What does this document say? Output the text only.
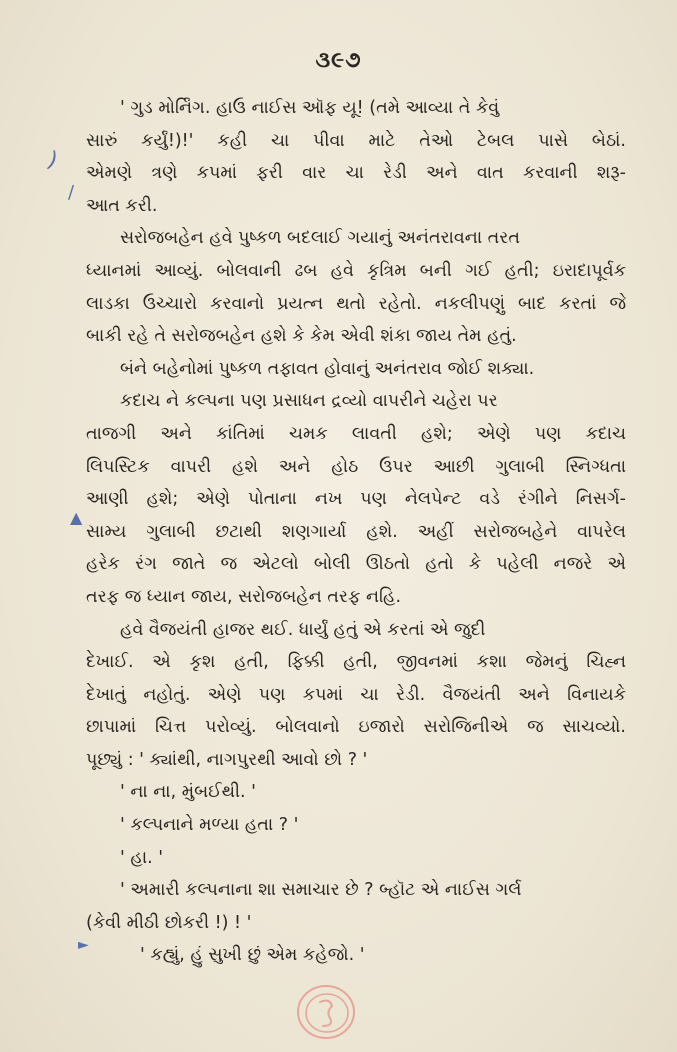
૩૯૭
' ગુડ મોર્નિંગ. હાઉ નાઈસ ઑફ યૂ! (તમે આવ્યા તે કેવું
સારું કર્યું!)!' કહી ચા પીવા માટે તેઓ ટેબલ પાસે બેઠાં.
એમણે ત્રણે કપમાં ફરી વાર ચા રેડી અને વાત કરવાની શરૂ-
આત કરી.
સરોજબહેન હવે પુષ્કળ બદલાઈ ગયાનું અનંતરાવના તરત
ધ્યાનમાં આવ્યું. બોલવાની ઢબ હવે કૃત્રિમ બની ગઈ હતી; ઇરાદાપૂર્વક
લાડકા ઉચ્ચારો કરવાનો પ્રયત્ન થતો રહેતો. નકલીપણું બાદ કરતાં જે
બાકી રહે તે સરોજબહેન હશે કે કેમ એવી શંકા જાય તેમ હતું.
બંને બહેનોમાં પુષ્કળ તફાવત હોવાનું અનંતરાવ જોઈ શક્યા.
કદાચ ને કલ્પના પણ પ્રસાધન દ્રવ્યો વાપરીને ચહેરા પર
તાજગી અને કાંતિમાં ચમક લાવતી હશે; એણે પણ કદાચ
લિપસ્ટિક વાપરી હશે અને હોઠ ઉપર આછી ગુલાબી સ્નિગ્ધતા
આણી હશે; એણે પોતાના નખ પણ નેલપેન્ટ વડે રંગીને નિસર્ગ-
સામ્ય ગુલાબી છટાથી શણગાર્યા હશે. અહીં સરોજબહેને વાપરેલ
હરેક રંગ જાતે જ એટલો બોલી ઊઠતો હતો કે પહેલી નજરે એ
તરફ જ ધ્યાન જાય, સરોજબહેન તરફ નહિ.
હવે વૈજયંતી હાજર થઈ. ધાર્યું હતું એ કરતાં એ જુદી
દેખાઈ. એ કૃશ હતી, ફિક્કી હતી, જીવનમાં કશા જેમનું ચિહ્ન
દેખાતું નહોતું. એણે પણ કપમાં ચા રેડી. વૈજયંતી અને વિનાયકે
છાપામાં ચિત્ત પરોવ્યું. બોલવાનો ઇજારો સરોજિનીએ જ સાચવ્યો.
પૂછ્યું : ' ક્યાંથી, નાગપુરથી આવો છો ? '
' ના ના, મુંબઈથી. '
' કલ્પનાને મળ્યા હતા ? '
' હા. '
' અમારી કલ્પનાના શા સમાચાર છે ? બ્હૉટ એ નાઈસ ગર્લ
(કેવી મીઠી છોકરી !) ! '
' કહ્યું, હું સુખી છું એમ કહેજો. '
)
/
▲
►
